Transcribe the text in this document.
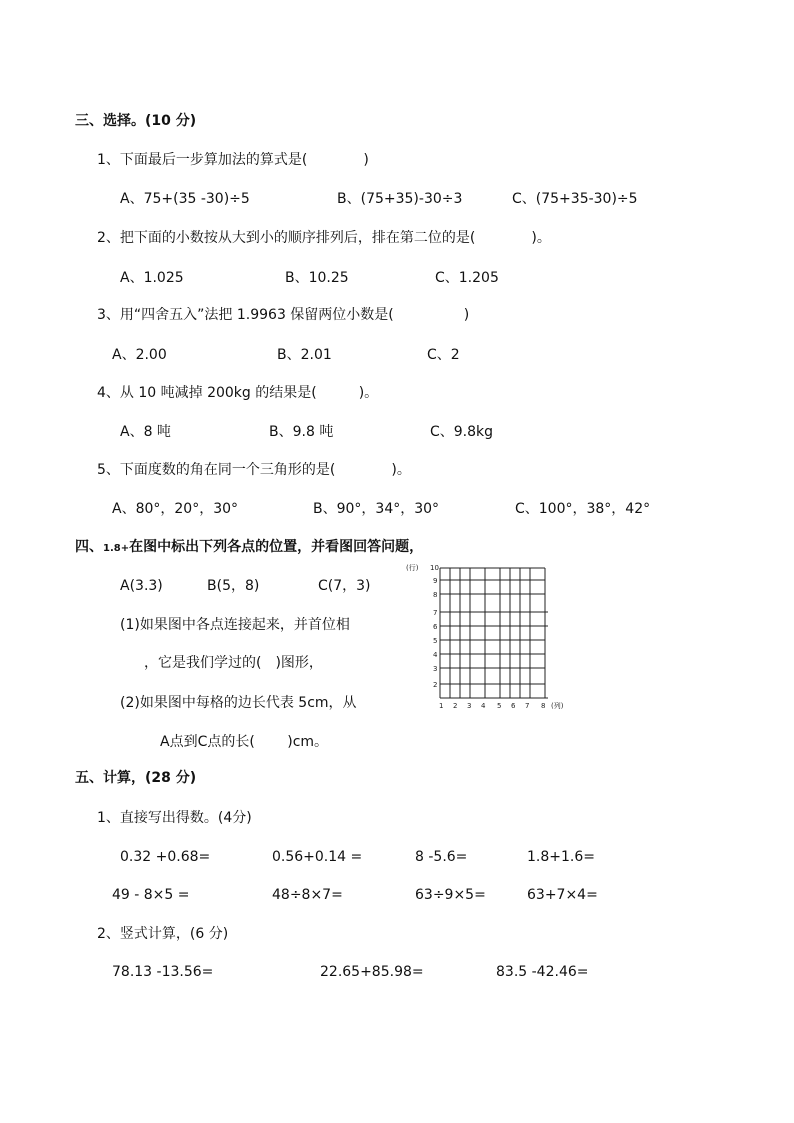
三、选择。(10 分)
1、下面最后一步算加法的算式是(　　　　)
A、75+(35 -30)÷5	B、(75+35)-30÷3	C、(75+35-30)÷5
2、把下面的小数按从大到小的顺序排列后，排在第二位的是(　　　　)。
A、1.025	B、10.25	C、1.205
3、用“四舍五入”法把 1.9963 保留两位小数是(　　　　　)
A、2.00	B、2.01	C、2
4、从 10 吨减掉 200kg 的结果是(　　　)。
A、8 吨	B、9.8 吨	C、9.8kg
5、下面度数的角在同一个三角形的是(　　　　)。
A、80°，20°，30°	B、90°，34°，30°	C、100°，38°，42°
四、1.8+在图中标出下列各点的位置，并看图回答问题，
A(3.3)	B(5，8)	C(7，3)
(1)如果图中各点连接起来，并首位相
，它是我们学过的(　)图形，
(2)如果图中每格的边长代表 5cm，从
A点到C点的长(　　 )cm。
(行) 10
9
8
7
6
5
4
3
2
1 2 3 4 5 6 7 8 (列)
五、计算，(28 分)
1、直接写出得数。(4分)
0.32 +0.68=	0.56+0.14 =	8 -5.6=	1.8+1.6=
49 - 8×5 =	48÷8×7=	63÷9×5=	63+7×4=
2、竖式计算，(6 分)
78.13 -13.56=	22.65+85.98=	83.5 -42.46=
